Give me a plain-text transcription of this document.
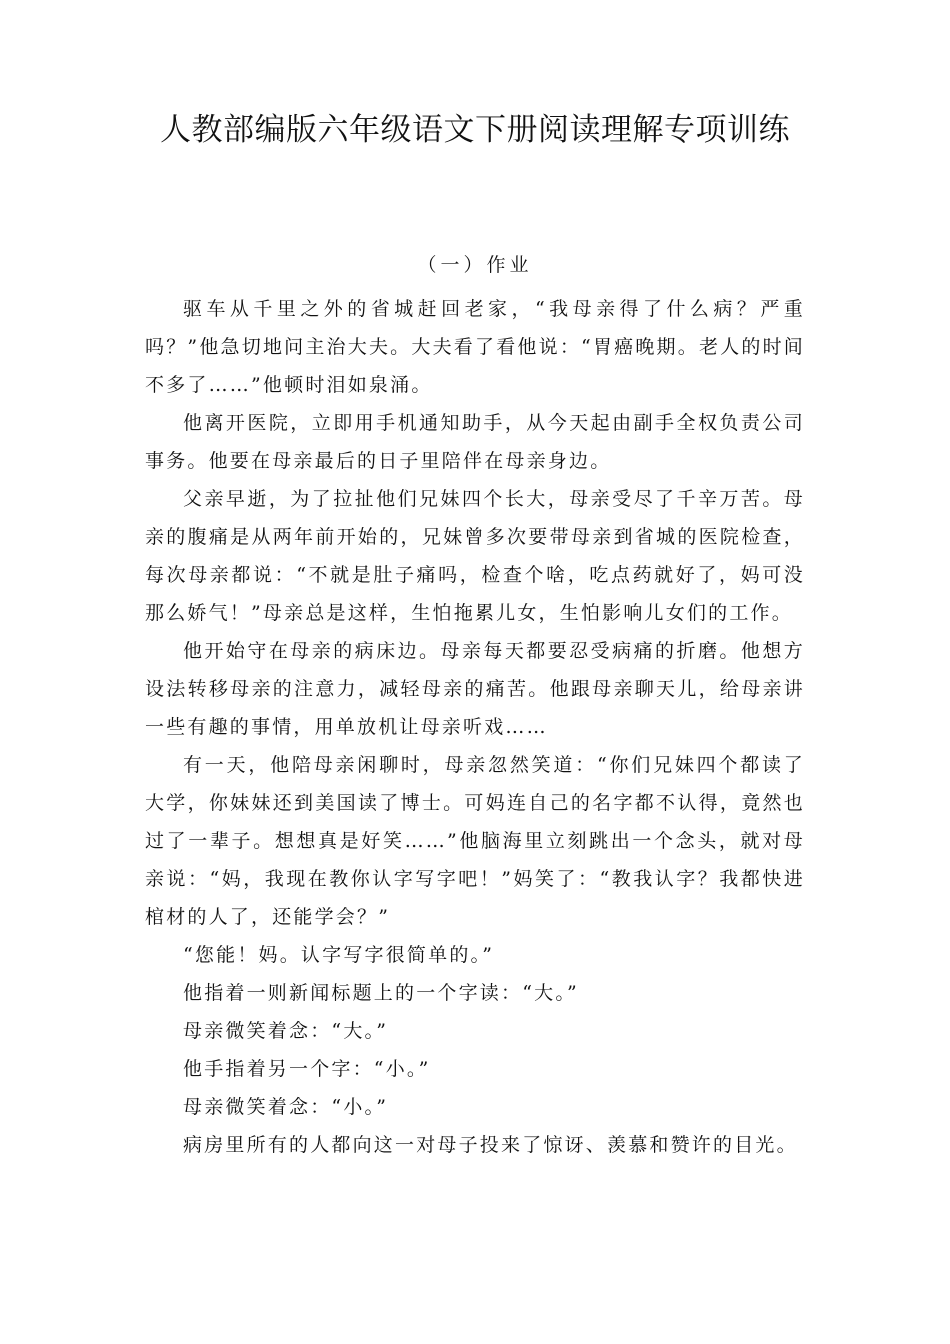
人教部编版六年级语文下册阅读理解专项训练
（一）作业

驱车从千里之外的省城赶回老家，“我母亲得了什么病？严重吗？”他急切地问主治大夫。大夫看了看他说：“胃癌晚期。老人的时间不多了……”他顿时泪如泉涌。

他离开医院，立即用手机通知助手，从今天起由副手全权负责公司事务。他要在母亲最后的日子里陪伴在母亲身边。

父亲早逝，为了拉扯他们兄妹四个长大，母亲受尽了千辛万苦。母亲的腹痛是从两年前开始的，兄妹曾多次要带母亲到省城的医院检查，每次母亲都说：“不就是肚子痛吗，检查个啥，吃点药就好了，妈可没那么娇气！”母亲总是这样，生怕拖累儿女，生怕影响儿女们的工作。

他开始守在母亲的病床边。母亲每天都要忍受病痛的折磨。他想方设法转移母亲的注意力，减轻母亲的痛苦。他跟母亲聊天儿，给母亲讲一些有趣的事情，用单放机让母亲听戏……

有一天，他陪母亲闲聊时，母亲忽然笑道：“你们兄妹四个都读了大学，你妹妹还到美国读了博士。可妈连自己的名字都不认得，竟然也过了一辈子。想想真是好笑……”他脑海里立刻跳出一个念头，就对母亲说：“妈，我现在教你认字写字吧！”妈笑了：“教我认字？我都快进棺材的人了，还能学会？”

“您能！妈。认字写字很简单的。”

他指着一则新闻标题上的一个字读：“大。”

母亲微笑着念：“大。”

他手指着另一个字：“小。”

母亲微笑着念：“小。”

病房里所有的人都向这一对母子投来了惊讶、羡慕和赞许的目光。
